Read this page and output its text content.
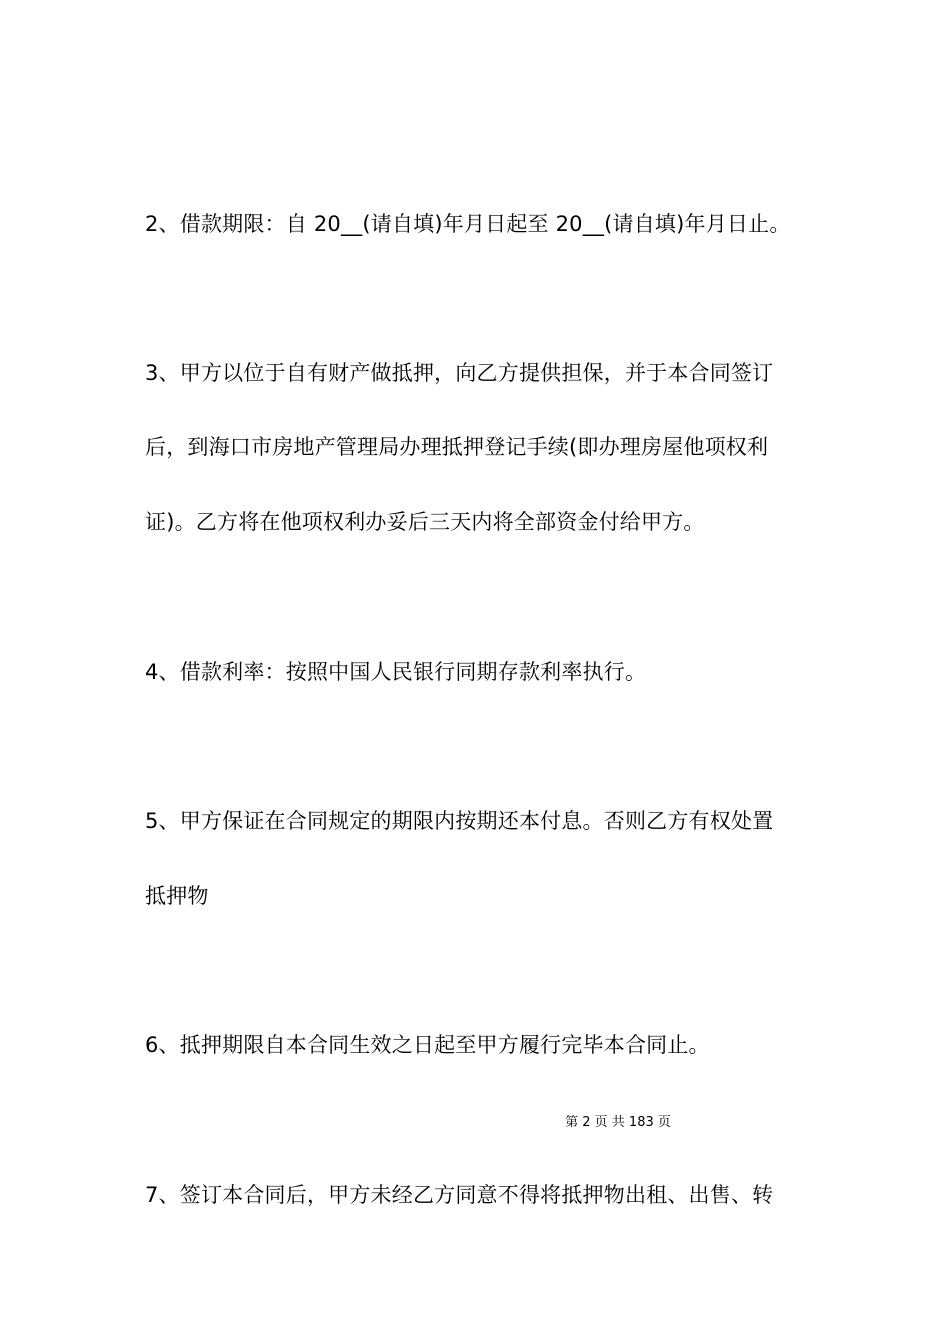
2、借款期限：自 20__(请自填)年月日起至 20__(请自填)年月日止。
3、甲方以位于自有财产做抵押，向乙方提供担保，并于本合同签订
后，到海口市房地产管理局办理抵押登记手续(即办理房屋他项权利
证)。乙方将在他项权利办妥后三天内将全部资金付给甲方。
4、借款利率：按照中国人民银行同期存款利率执行。
5、甲方保证在合同规定的期限内按期还本付息。否则乙方有权处置
抵押物
6、抵押期限自本合同生效之日起至甲方履行完毕本合同止。
第 2 页 共 183 页
7、签订本合同后，甲方未经乙方同意不得将抵押物出租、出售、转
